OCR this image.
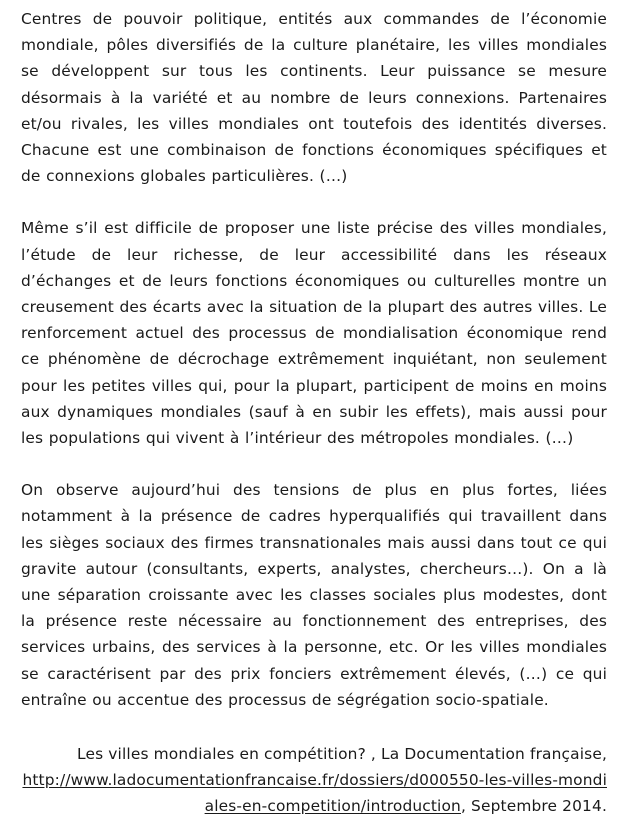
Centres de pouvoir politique, entités aux commandes de l’économie mondiale, pôles diversifiés de la culture planétaire, les villes mondiales se développent sur tous les continents. Leur puissance se mesure désormais à la variété et au nombre de leurs connexions. Partenaires et/ou rivales, les villes mondiales ont toutefois des identités diverses. Chacune est une combinaison de fonctions économiques spécifiques et de connexions globales particulières. (…)

Même s’il est difficile de proposer une liste précise des villes mondiales, l’étude de leur richesse, de leur accessibilité dans les réseaux d’échanges et de leurs fonctions économiques ou culturelles montre un creusement des écarts avec la situation de la plupart des autres villes. Le renforcement actuel des processus de mondialisation économique rend ce phénomène de décrochage extrêmement inquiétant, non seulement pour les petites villes qui, pour la plupart, participent de moins en moins aux dynamiques mondiales (sauf à en subir les effets), mais aussi pour les populations qui vivent à l’intérieur des métropoles mondiales. (…)

On observe aujourd’hui des tensions de plus en plus fortes, liées notamment à la présence de cadres hyperqualifiés qui travaillent dans les sièges sociaux des firmes transnationales mais aussi dans tout ce qui gravite autour (consultants, experts, analystes, chercheurs…). On a là une séparation croissante avec les classes sociales plus modestes, dont la présence reste nécessaire au fonctionnement des entreprises, des services urbains, des services à la personne, etc. Or les villes mondiales se caractérisent par des prix fonciers extrêmement élevés, (…) ce qui entraîne ou accentue des processus de ségrégation socio-spatiale.

Les villes mondiales en compétition? , La Documentation française,
http://www.ladocumentationfrancaise.fr/dossiers/d000550-les-villes-mondiales-en-competition/introduction, Septembre 2014.
